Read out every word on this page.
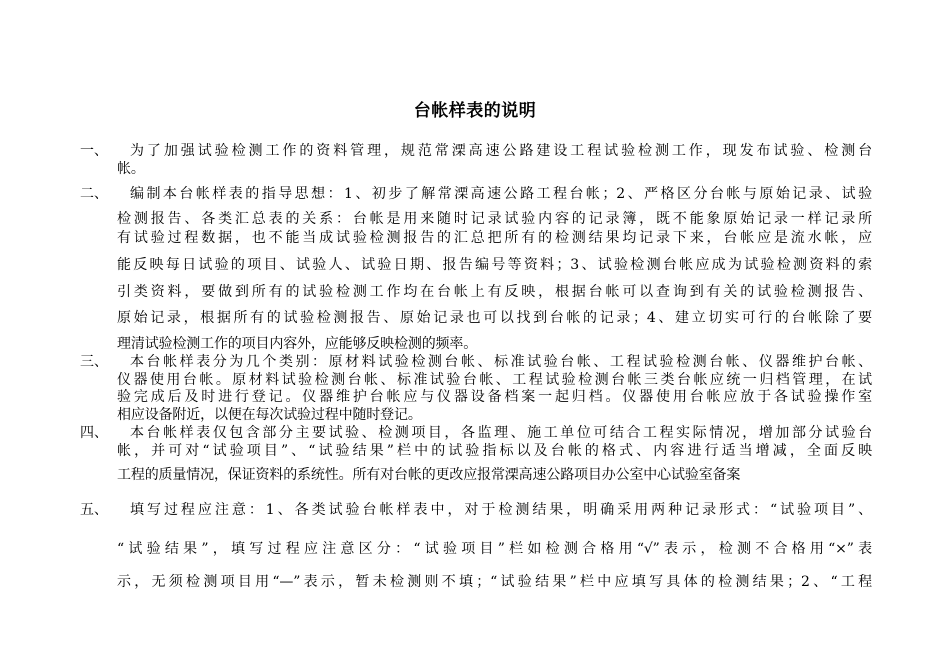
台帐样表的说明
一、 为了加强试验检测工作的资料管理，规范常溧高速公路建设工程试验检测工作，现发布试验、检测台
帐。
二、 编制本台帐样表的指导思想：1、初步了解常溧高速公路工程台帐；2、严格区分台帐与原始记录、试验
检测报告、各类汇总表的关系：台帐是用来随时记录试验内容的记录簿，既不能象原始记录一样记录所
有试验过程数据，也不能当成试验检测报告的汇总把所有的检测结果均记录下来，台帐应是流水帐，应
能反映每日试验的项目、试验人、试验日期、报告编号等资料；3、试验检测台帐应成为试验检测资料的索
引类资料，要做到所有的试验检测工作均在台帐上有反映，根据台帐可以查询到有关的试验检测报告、
原始记录，根据所有的试验检测报告、原始记录也可以找到台帐的记录；4、建立切实可行的台帐除了要
理清试验检测工作的项目内容外，应能够反映检测的频率。
三、 本台帐样表分为几个类别：原材料试验检测台帐、标准试验台帐、工程试验检测台帐、仪器维护台帐、
仪器使用台帐。原材料试验检测台帐、标准试验台帐、工程试验检测台帐三类台帐应统一归档管理，在试
验完成后及时进行登记。仪器维护台帐应与仪器设备档案一起归档。仪器使用台帐应放于各试验操作室
相应设备附近，以便在每次试验过程中随时登记。
四、 本台帐样表仅包含部分主要试验、检测项目，各监理、施工单位可结合工程实际情况，增加部分试验台
帐，并可对“试验项目”、“试验结果”栏中的试验指标以及台帐的格式、内容进行适当增减，全面反映
工程的质量情况，保证资料的系统性。所有对台帐的更改应报常溧高速公路项目办公室中心试验室备案
五、 填写过程应注意：1、各类试验台帐样表中，对于检测结果，明确采用两种记录形式：“试验项目”、
“试验结果”，填写过程应注意区分：“试验项目”栏如检测合格用“√”表示，检测不合格用“×”表
示，无须检测项目用“—”表示，暂未检测则不填；“试验结果”栏中应填写具体的检测结果；2、“工程
